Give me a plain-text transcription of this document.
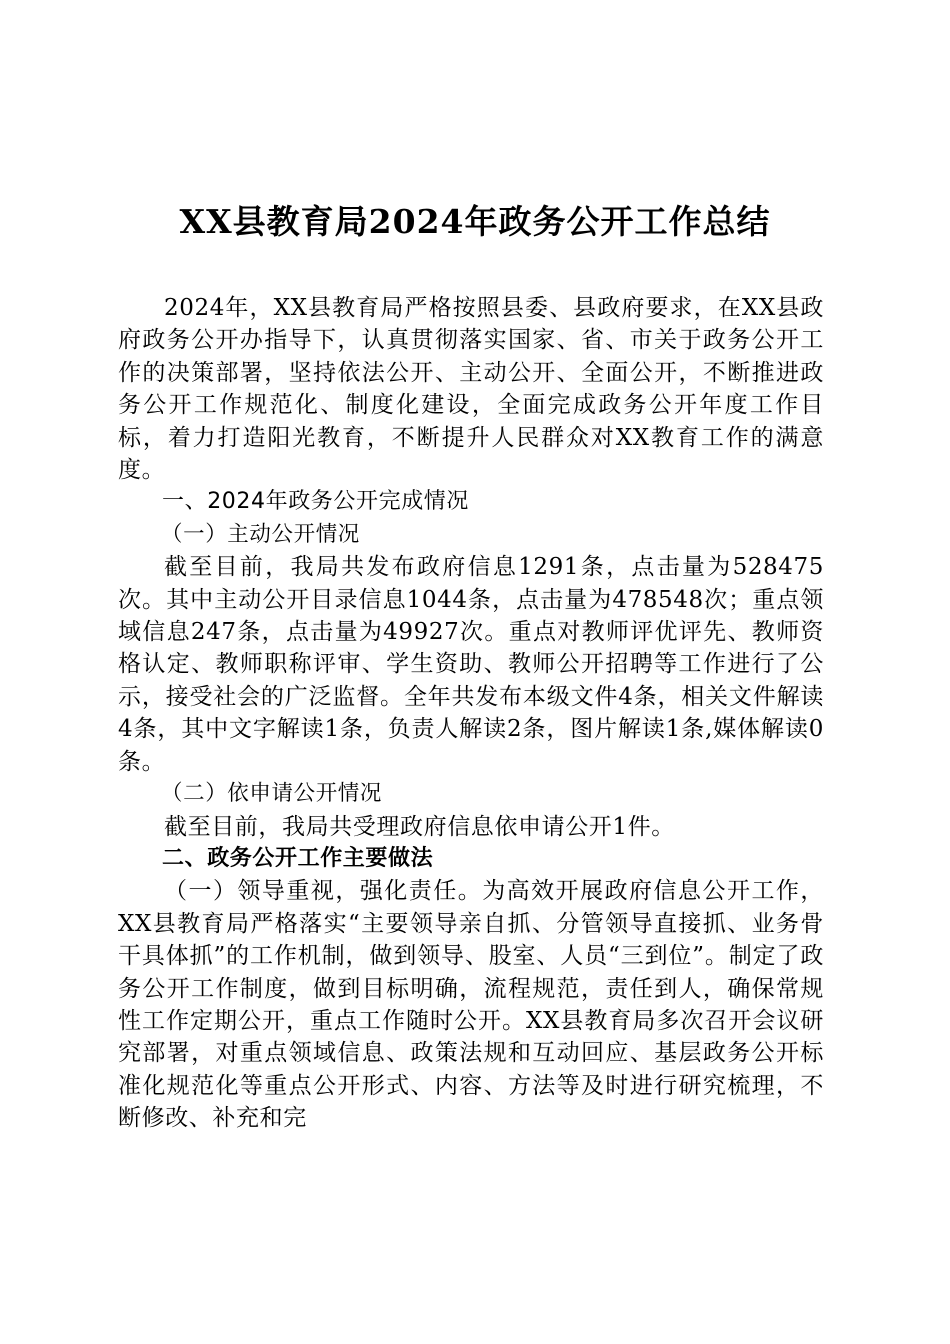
XX县教育局2024年政务公开工作总结

2024年，XX县教育局严格按照县委、县政府要求，在XX县政府政务公开办指导下，认真贯彻落实国家、省、市关于政务公开工作的决策部署，坚持依法公开、主动公开、全面公开，不断推进政务公开工作规范化、制度化建设，全面完成政务公开年度工作目标，着力打造阳光教育，不断提升人民群众对XX教育工作的满意度。

一、2024年政务公开完成情况

（一）主动公开情况

截至目前，我局共发布政府信息1291条，点击量为528475次。其中主动公开目录信息1044条，点击量为478548次；重点领域信息247条，点击量为49927次。重点对教师评优评先、教师资格认定、教师职称评审、学生资助、教师公开招聘等工作进行了公示，接受社会的广泛监督。全年共发布本级文件4条，相关文件解读4条，其中文字解读1条，负责人解读2条，图片解读1条,媒体解读0条。

（二）依申请公开情况

截至目前，我局共受理政府信息依申请公开1件。

二、政务公开工作主要做法

（一）领导重视，强化责任。为高效开展政府信息公开工作，XX县教育局严格落实“主要领导亲自抓、分管领导直接抓、业务骨干具体抓”的工作机制，做到领导、股室、人员“三到位”。制定了政务公开工作制度，做到目标明确，流程规范，责任到人，确保常规性工作定期公开，重点工作随时公开。XX县教育局多次召开会议研究部署，对重点领域信息、政策法规和互动回应、基层政务公开标准化规范化等重点公开形式、内容、方法等及时进行研究梳理，不断修改、补充和完
